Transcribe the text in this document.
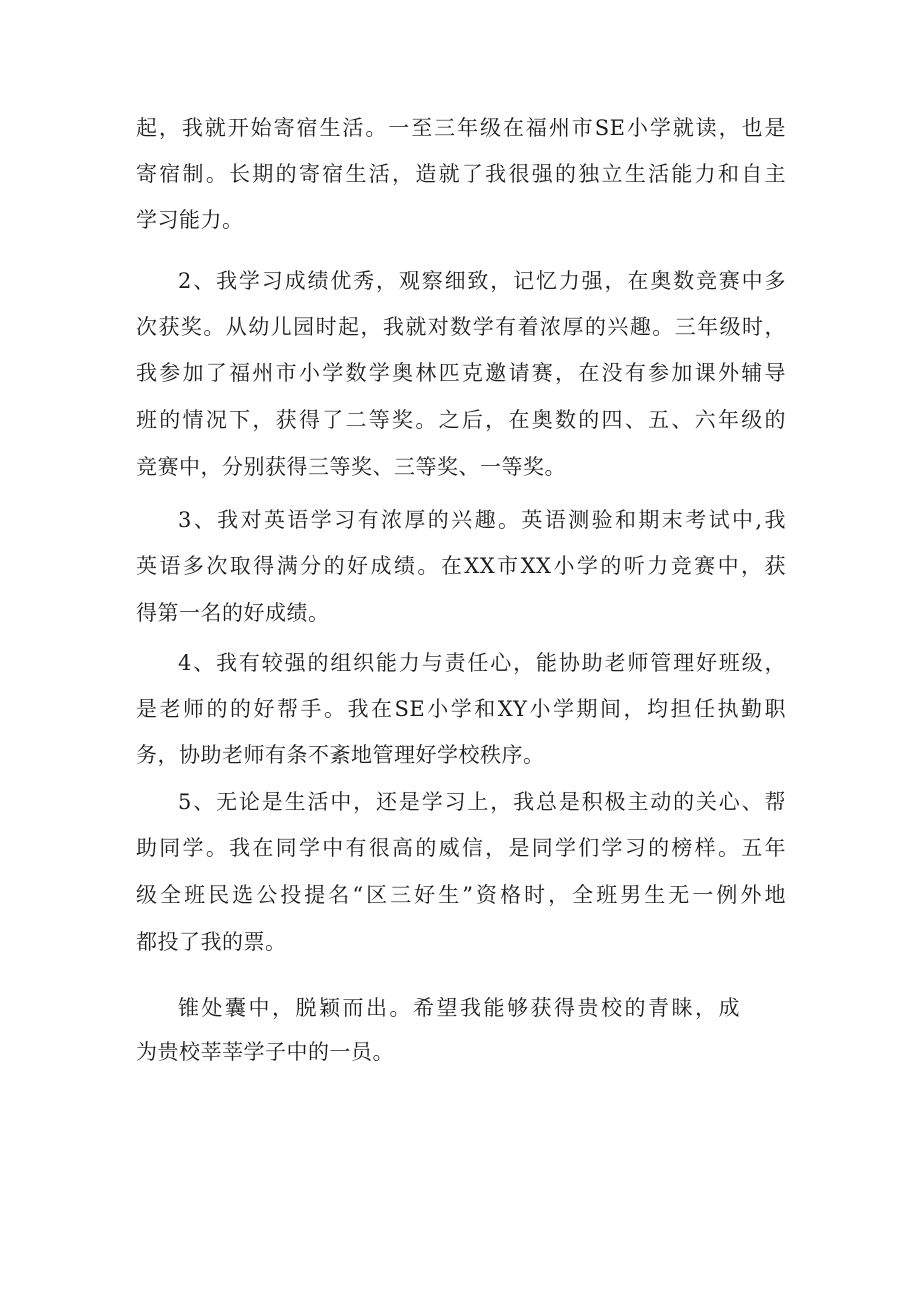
起，我就开始寄宿生活。一至三年级在福州市SE小学就读，也是
寄宿制。长期的寄宿生活，造就了我很强的独立生活能力和自主
学习能力。
2、我学习成绩优秀，观察细致，记忆力强，在奥数竞赛中多
次获奖。从幼儿园时起，我就对数学有着浓厚的兴趣。三年级时，
我参加了福州市小学数学奥林匹克邀请赛，在没有参加课外辅导
班的情况下，获得了二等奖。之后，在奥数的四、五、六年级的
竞赛中，分别获得三等奖、三等奖、一等奖。
3、我对英语学习有浓厚的兴趣。英语测验和期末考试中,我
英语多次取得满分的好成绩。在XX市XX小学的听力竞赛中，获
得第一名的好成绩。
4、我有较强的组织能力与责任心，能协助老师管理好班级，
是老师的的好帮手。我在SE小学和XY小学期间，均担任执勤职
务，协助老师有条不紊地管理好学校秩序。
5、无论是生活中，还是学习上，我总是积极主动的关心、帮
助同学。我在同学中有很高的威信，是同学们学习的榜样。五年
级全班民选公投提名“区三好生”资格时，全班男生无一例外地
都投了我的票。
锥处囊中，脱颖而出。希望我能够获得贵校的青睐，成
为贵校莘莘学子中的一员。
